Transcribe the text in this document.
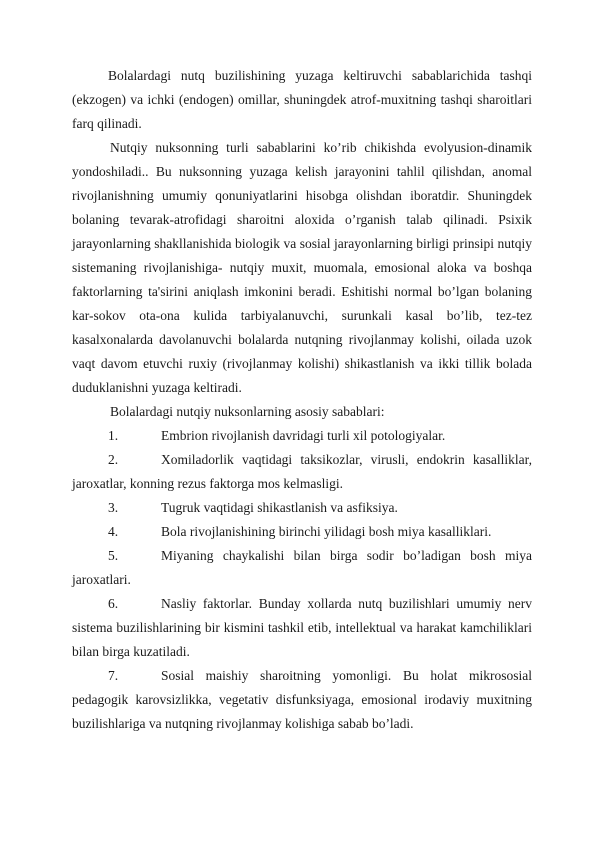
Bolalardagi nutq buzilishining yuzaga keltiruvchi sabablarichida tashqi (ekzogen) va ichki (endogen) omillar, shuningdek atrof-muxitning tashqi sharoitlari farq qilinadi.

Nutqiy nuksonning turli sabablarini ko’rib chikishda evolyusion-dinamik yondoshiladi.. Bu nuksonning yuzaga kelish jarayonini tahlil qilishdan, anomal rivojlanishning umumiy qonuniyatlarini hisobga olishdan iboratdir. Shuningdek bolaning tevarak-atrofidagi sharoitni aloxida o’rganish talab qilinadi. Psixik jarayonlarning shakllanishida biologik va sosial jarayonlarning birligi prinsipi nutqiy sistemaning rivojlanishiga- nutqiy muxit, muomala, emosional aloka va boshqa faktorlarning ta'sirini aniqlash imkonini beradi. Eshitishi normal bo’lgan bolaning kar-sokov ota-ona kulida tarbiyalanuvchi, surunkali kasal bo’lib, tez-tez kasalxonalarda davolanuvchi bolalarda nutqning rivojlanmay kolishi, oilada uzok vaqt davom etuvchi ruxiy (rivojlanmay kolishi) shikastlanish va ikki tillik bolada duduklanishni yuzaga keltiradi.

Bolalardagi nutqiy nuksonlarning asosiy sabablari:

1.	Embrion rivojlanish davridagi turli xil potologiyalar.

2.	Xomiladorlik vaqtidagi taksikozlar, virusli, endokrin kasalliklar, jaroxatlar, konning rezus faktorga mos kelmasligi.

3.	Tugruk vaqtidagi shikastlanish va asfiksiya.

4.	Bola rivojlanishining birinchi yilidagi bosh miya kasalliklari.

5.	Miyaning chaykalishi bilan birga sodir bo’ladigan bosh miya jaroxatlari.

6.	Nasliy faktorlar. Bunday xollarda nutq buzilishlari umumiy nerv sistema buzilishlarining bir kismini tashkil etib, intellektual va harakat kamchiliklari bilan birga kuzatiladi.

7.	Sosial maishiy sharoitning yomonligi. Bu holat mikrososial pedagogik karovsizlikka, vegetativ disfunksiyaga, emosional irodaviy muxitning buzilishlariga va nutqning rivojlanmay kolishiga sabab bo’ladi.
